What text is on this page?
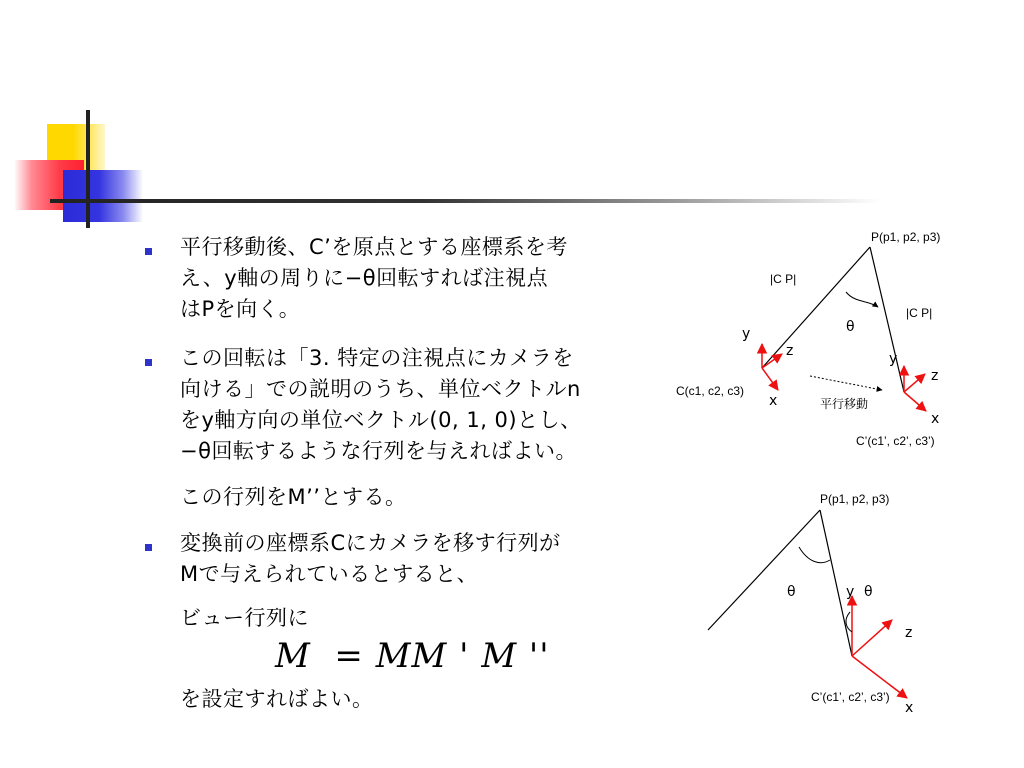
平行移動後、C’を原点とする座標系を考
え、y軸の周りに−θ回転すれば注視点
はPを向く。
この回転は「3. 特定の注視点にカメラを
向ける」での説明のうち、単位ベクトルn
をy軸方向の単位ベクトル(0, 1, 0)とし、
−θ回転するような行列を与えればよい。
この行列をM’’とする。
変換前の座標系Cにカメラを移す行列が
Mで与えられているとすると、
ビュー行列に
M  = MM ' M ''
を設定すればよい。
P(p1, p2, p3)
|C P|
|C P|
θ
y
z
x
C(c1, c2, c3)
平行移動
y
z
x
C’(c1’, c2’, c3’)
P(p1, p2, p3)
θ	y θ
z
C’(c1’, c2’, c3’)
x
